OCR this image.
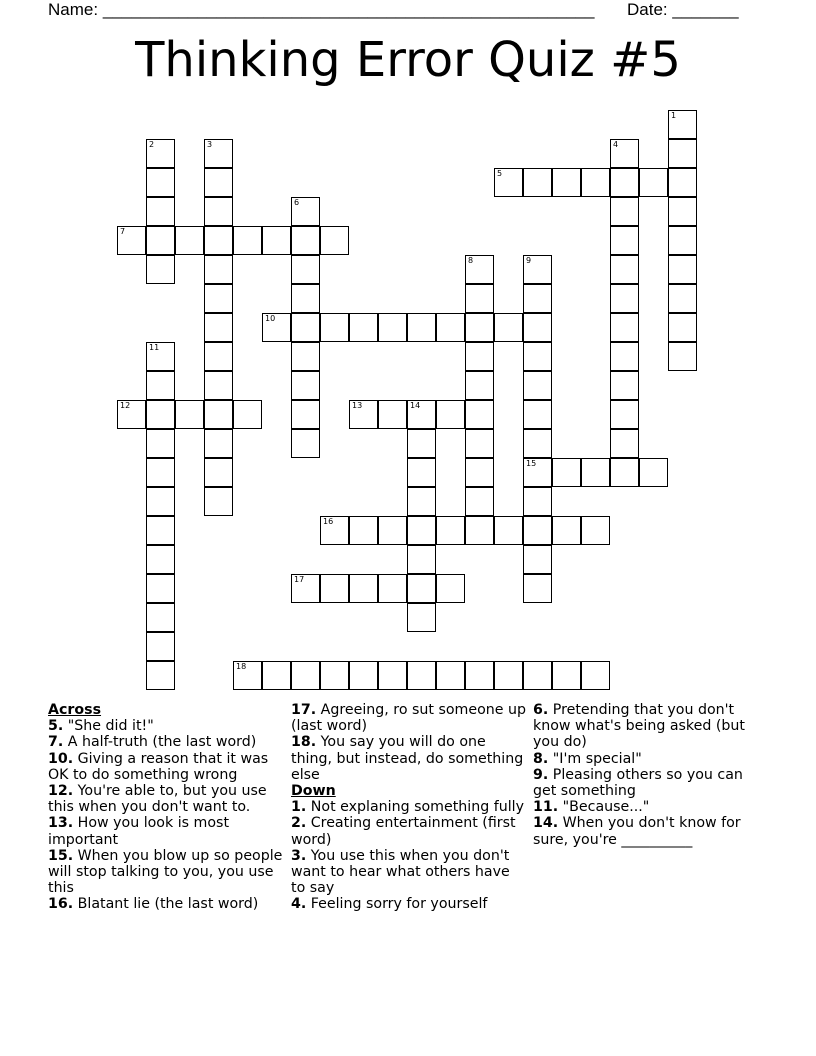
Name: ____________________________________________________ Date: _______
Thinking Error Quiz #5
1
2	3	4
5
6
7
8	9
15
10
11
12	13	14
16
17
18
Across
5. "She did it!"
7. A half-truth (the last word)
10. Giving a reason that it was OK to do something wrong
12. You're able to, but you use this when you don't want to.
13. How you look is most important
15. When you blow up so people will stop talking to you, you use this
16. Blatant lie (the last word)
17. Agreeing, ro sut someone up (last word)
18. You say you will do one thing, but instead, do something else
Down
1. Not explaning something fully
2. Creating entertainment (first word)
3. You use this when you don't want to hear what others have to say
4. Feeling sorry for yourself
6. Pretending that you don't know what's being asked (but you do)
8. "I'm special"
9. Pleasing others so you can get something
11. "Because..."
14. When you don't know for sure, you're __________
